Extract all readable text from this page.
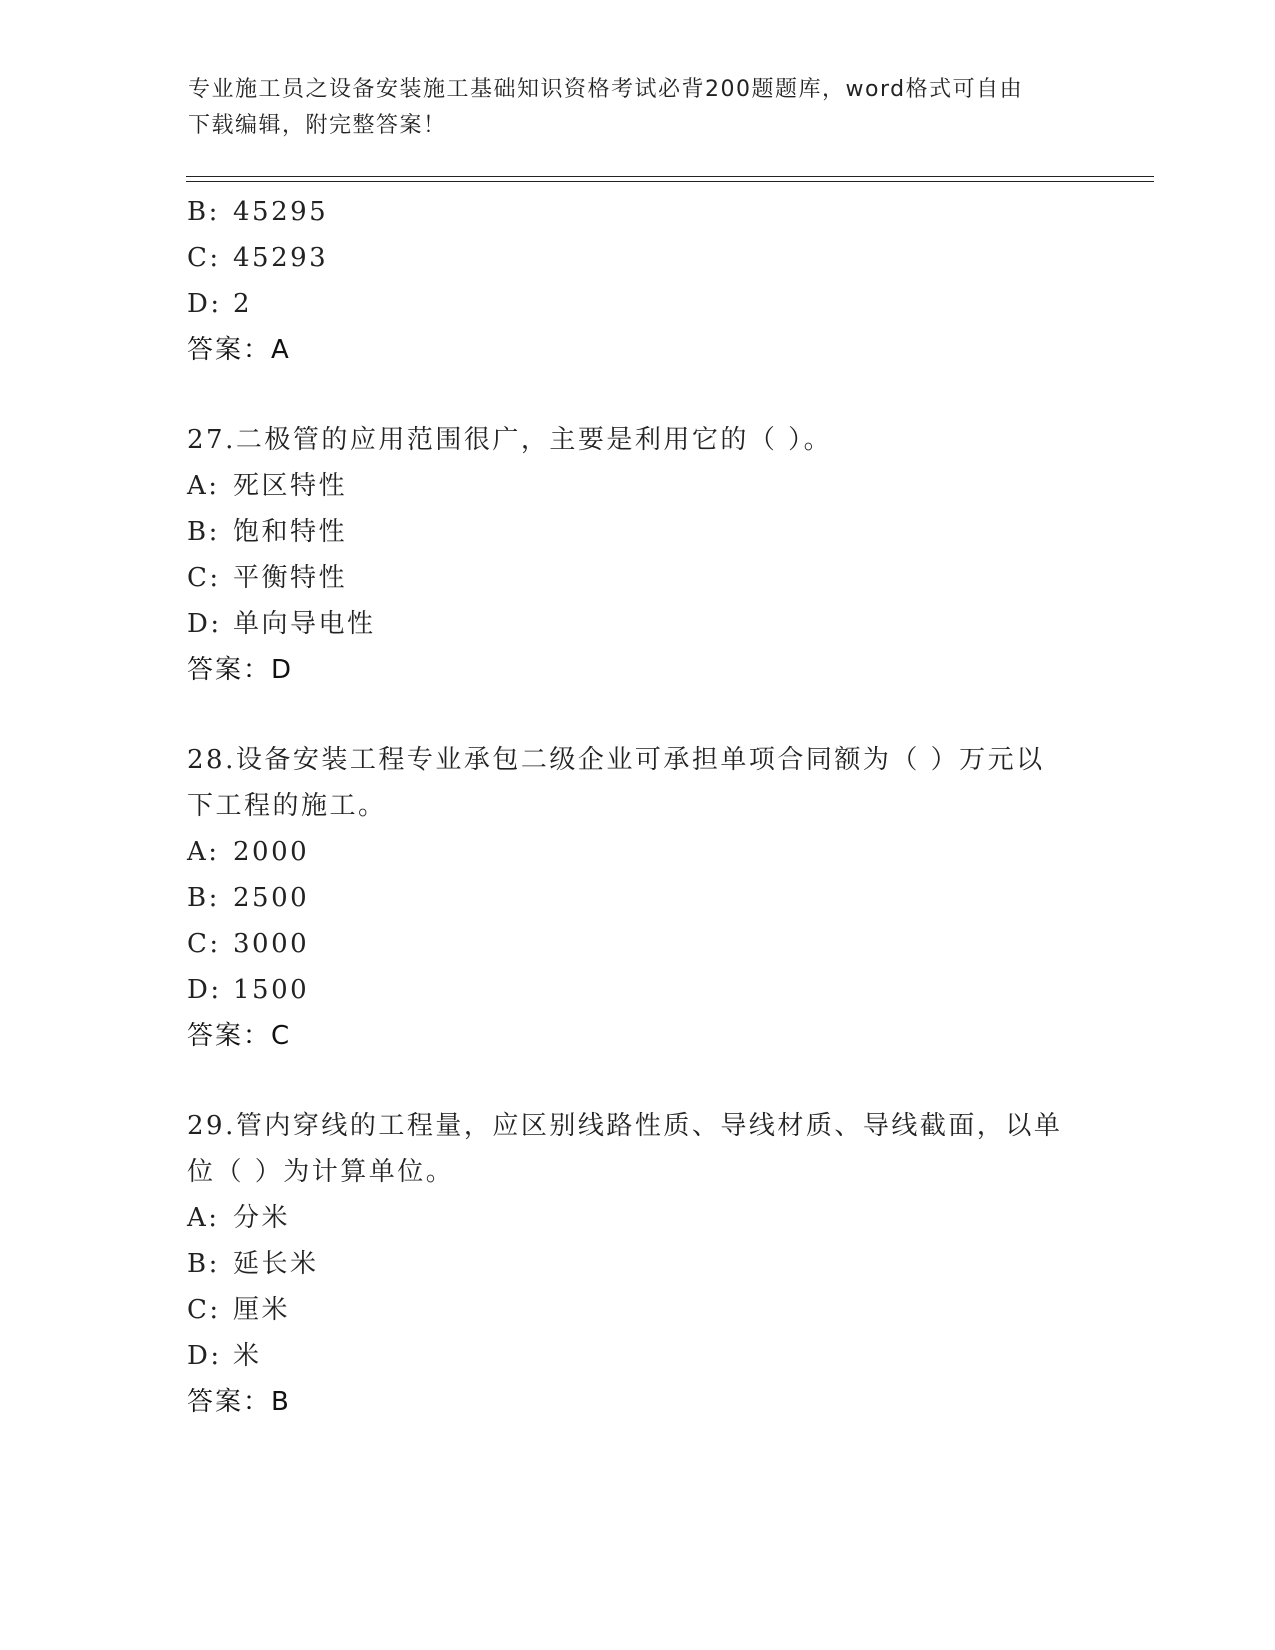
专业施工员之设备安装施工基础知识资格考试必背200题题库，word格式可自由
下载编辑，附完整答案！
B: 45295
C: 45293
D: 2
答案：A
27.二极管的应用范围很广，主要是利用它的（ ）。
A: 死区特性
B: 饱和特性
C: 平衡特性
D: 单向导电性
答案：D
28.设备安装工程专业承包二级企业可承担单项合同额为（ ）万元以
下工程的施工。
A: 2000
B: 2500
C: 3000
D: 1500
答案：C
29.管内穿线的工程量，应区别线路性质、导线材质、导线截面，以单
位（ ）为计算单位。
A: 分米
B: 延长米
C: 厘米
D: 米
答案：B
